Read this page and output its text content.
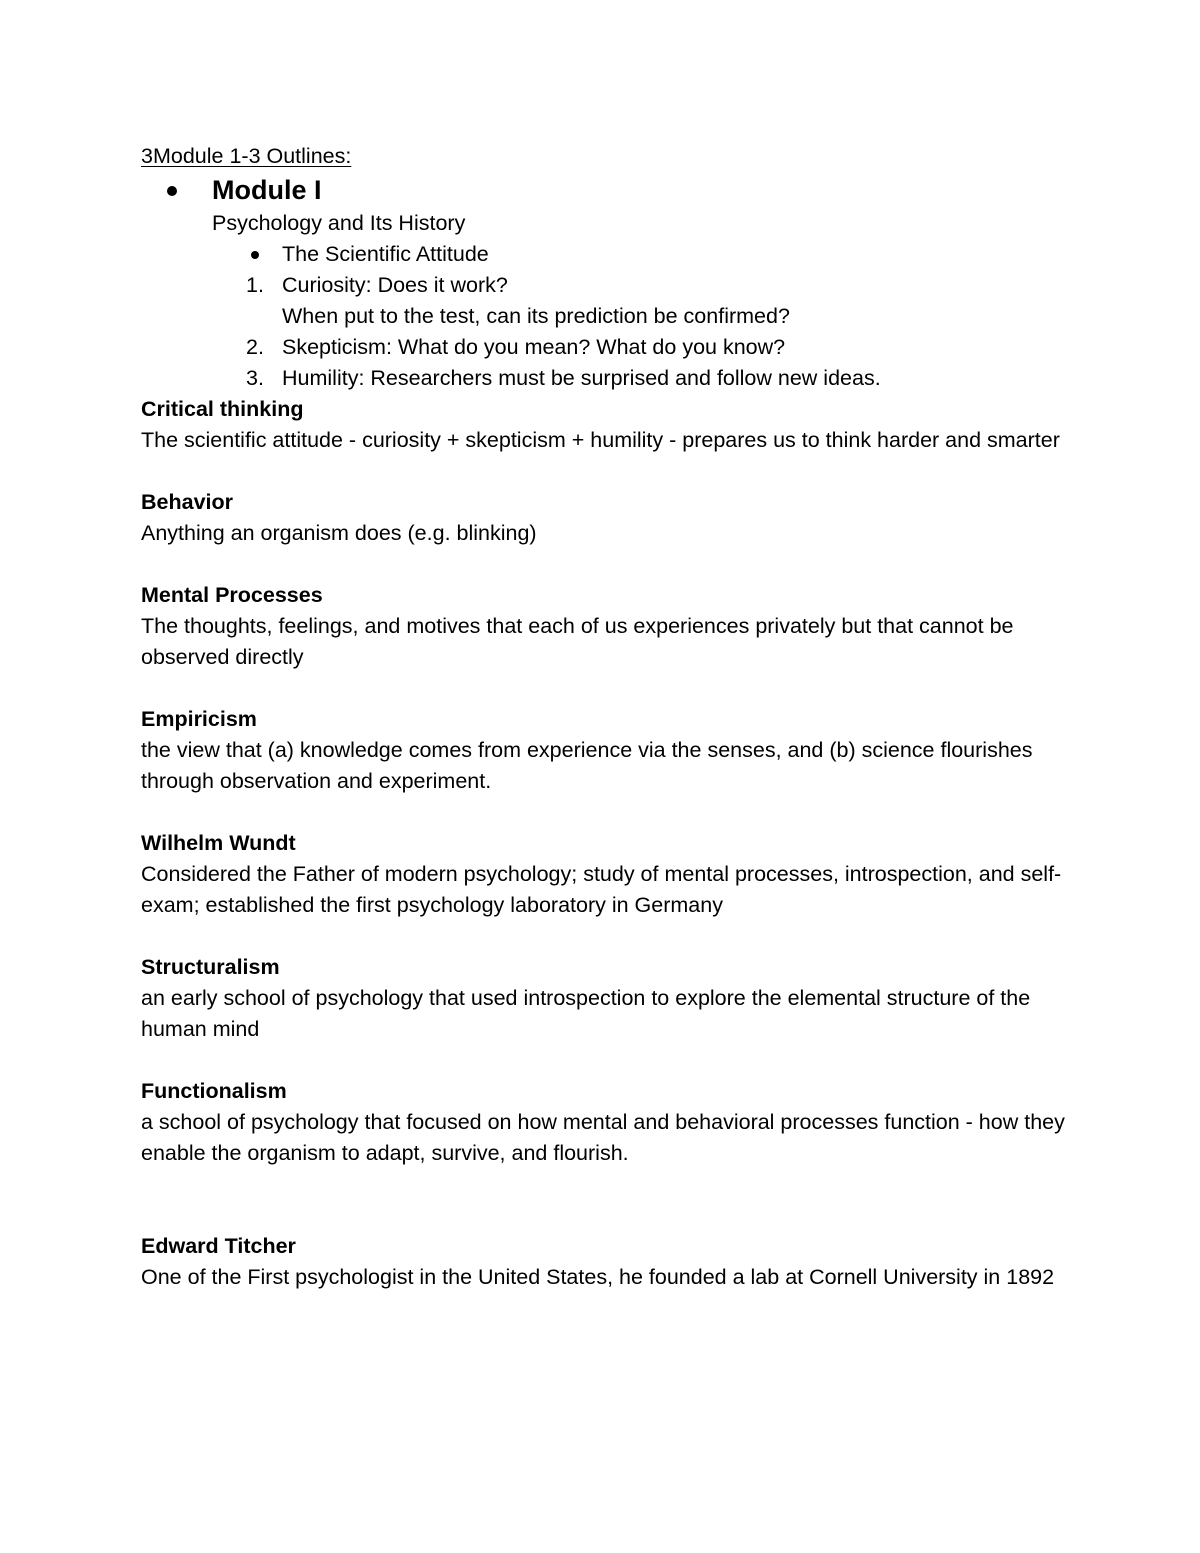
3Module 1-3 Outlines:

Module I

Psychology and Its History

The Scientific Attitude
1. Curiosity: Does it work?
When put to the test, can its prediction be confirmed?
2. Skepticism: What do you mean? What do you know?
3. Humility: Researchers must be surprised and follow new ideas.

Critical thinking

The scientific attitude - curiosity + skepticism + humility - prepares us to think harder and smarter

Behavior

Anything an organism does (e.g. blinking)

Mental Processes

The thoughts, feelings, and motives that each of us experiences privately but that cannot be observed directly

Empiricism

the view that (a) knowledge comes from experience via the senses, and (b) science flourishes through observation and experiment.

Wilhelm Wundt

Considered the Father of modern psychology; study of mental processes, introspection, and self-exam; established the first psychology laboratory in Germany

Structuralism

an early school of psychology that used introspection to explore the elemental structure of the human mind

Functionalism

a school of psychology that focused on how mental and behavioral processes function - how they enable the organism to adapt, survive, and flourish.

Edward Titcher

One of the First psychologist in the United States, he founded a lab at Cornell University in 1892
